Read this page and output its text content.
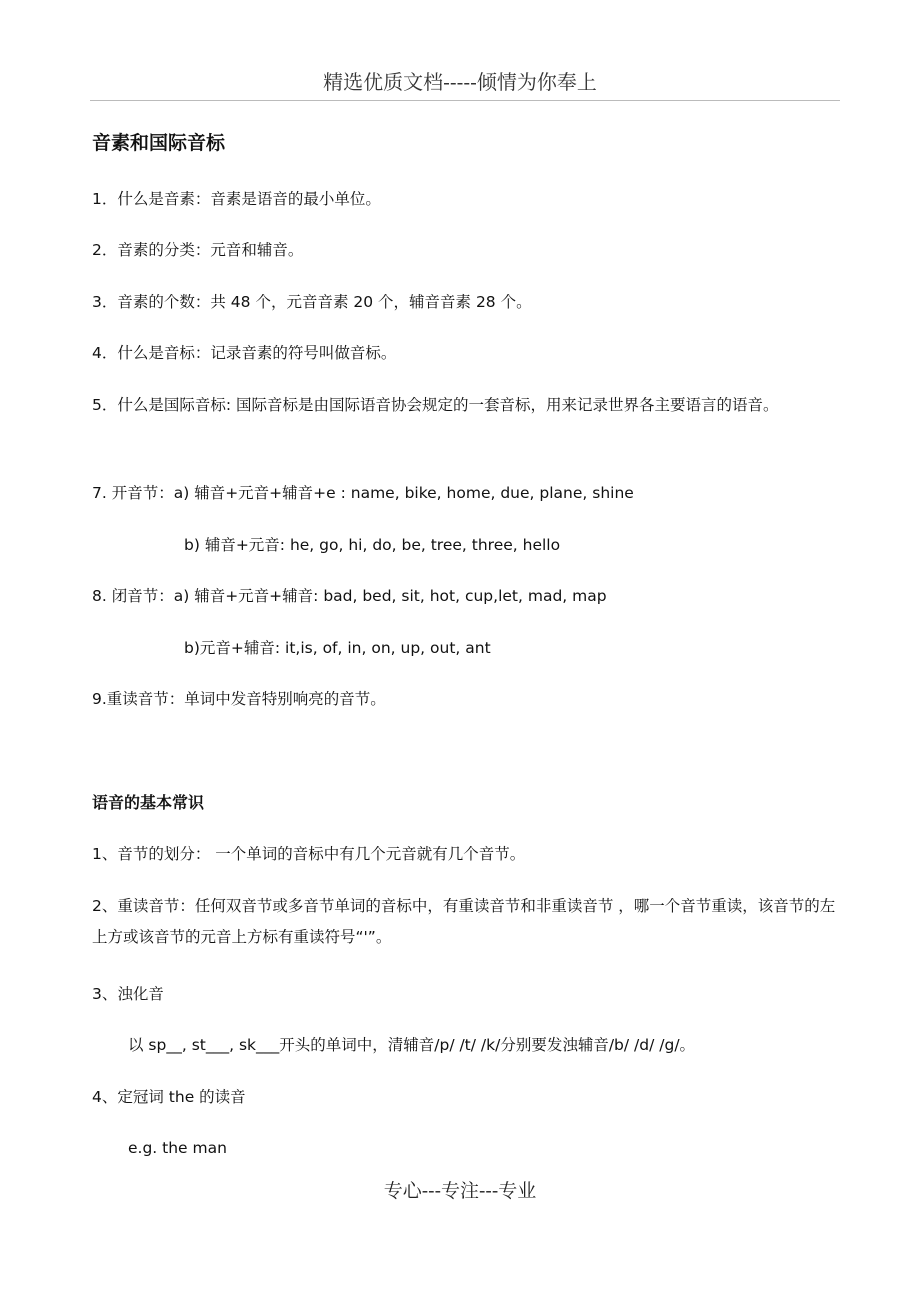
精选优质文档-----倾情为你奉上
音素和国际音标
1．什么是音素：音素是语音的最小单位。
2．音素的分类：元音和辅音。
3．音素的个数：共 48 个，元音音素 20 个，辅音音素 28 个。
4．什么是音标：记录音素的符号叫做音标。
5．什么是国际音标: 国际音标是由国际语音协会规定的一套音标，用来记录世界各主要语言的语音。
7. 开音节：a) 辅音+元音+辅音+e : name, bike, home, due, plane, shine
b) 辅音+元音: he, go, hi, do, be, tree, three, hello
8. 闭音节：a) 辅音+元音+辅音: bad, bed, sit, hot, cup,let, mad, map
b)元音+辅音: it,is, of, in, on, up, out, ant
9.重读音节：单词中发音特别响亮的音节。
语音的基本常识
1、音节的划分： 一个单词的音标中有几个元音就有几个音节。
2、重读音节：任何双音节或多音节单词的音标中，有重读音节和非重读音节 ，哪一个音节重读，该音节的左上方或该音节的元音上方标有重读符号“'”。
3、浊化音
以 sp__, st___, sk___开头的单词中，清辅音/p/ /t/ /k/分别要发浊辅音/b/ /d/ /g/。
4、定冠词 the 的读音
e.g. the man
专心---专注---专业
